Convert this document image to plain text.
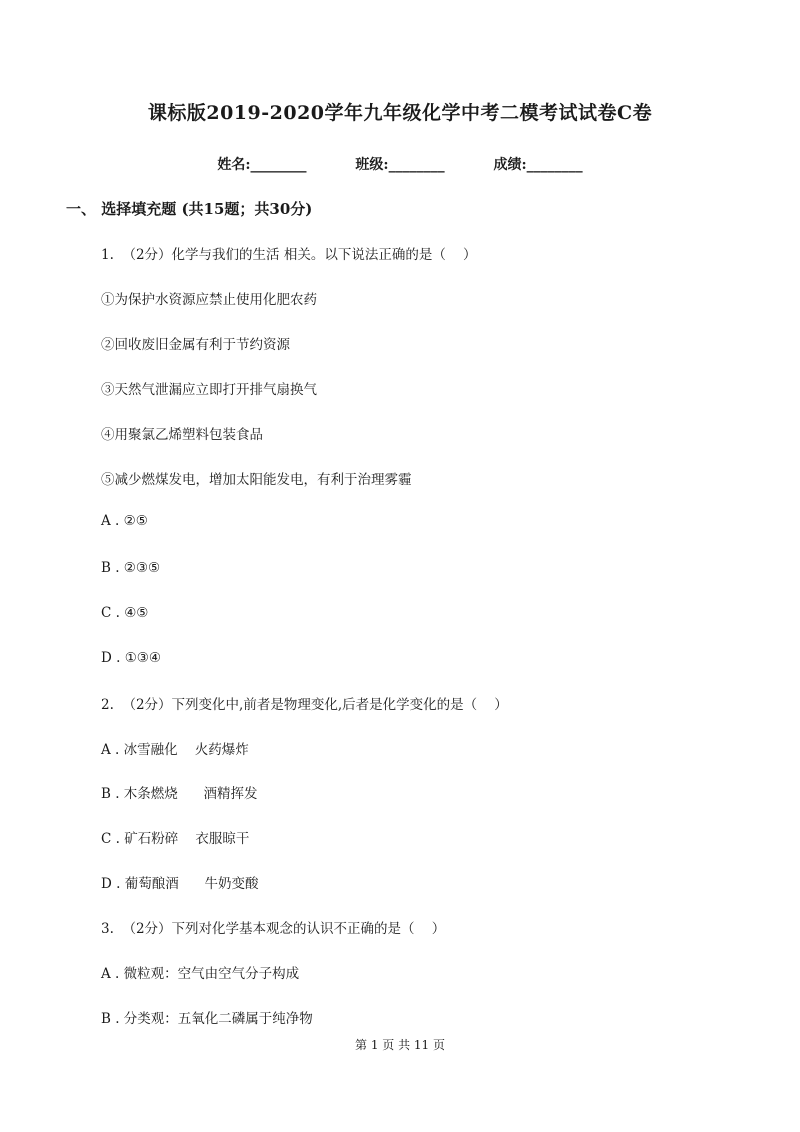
课标版2019-2020学年九年级化学中考二模考试试卷C卷
姓名:________	班级:________	成绩:________
一、 选择填充题 (共15题；共30分)
1.  （2分）化学与我们的生活 相关。以下说法正确的是（    ）
①为保护水资源应禁止使用化肥农药
②回收废旧金属有利于节约资源
③天然气泄漏应立即打开排气扇换气
④用聚氯乙烯塑料包装食品
⑤减少燃煤发电，增加太阳能发电，有利于治理雾霾
A . ②⑤
B . ②③⑤
C . ④⑤
D . ①③④
2.  （2分）下列变化中,前者是物理变化,后者是化学变化的是（    ）
A . 冰雪融化    火药爆炸
B . 木条燃烧      酒精挥发
C . 矿石粉碎    衣服晾干
D . 葡萄酿酒      牛奶变酸
3.  （2分）下列对化学基本观念的认识不正确的是（    ）
A . 微粒观：空气由空气分子构成
B . 分类观：五氧化二磷属于纯净物
第 1 页 共 11 页
